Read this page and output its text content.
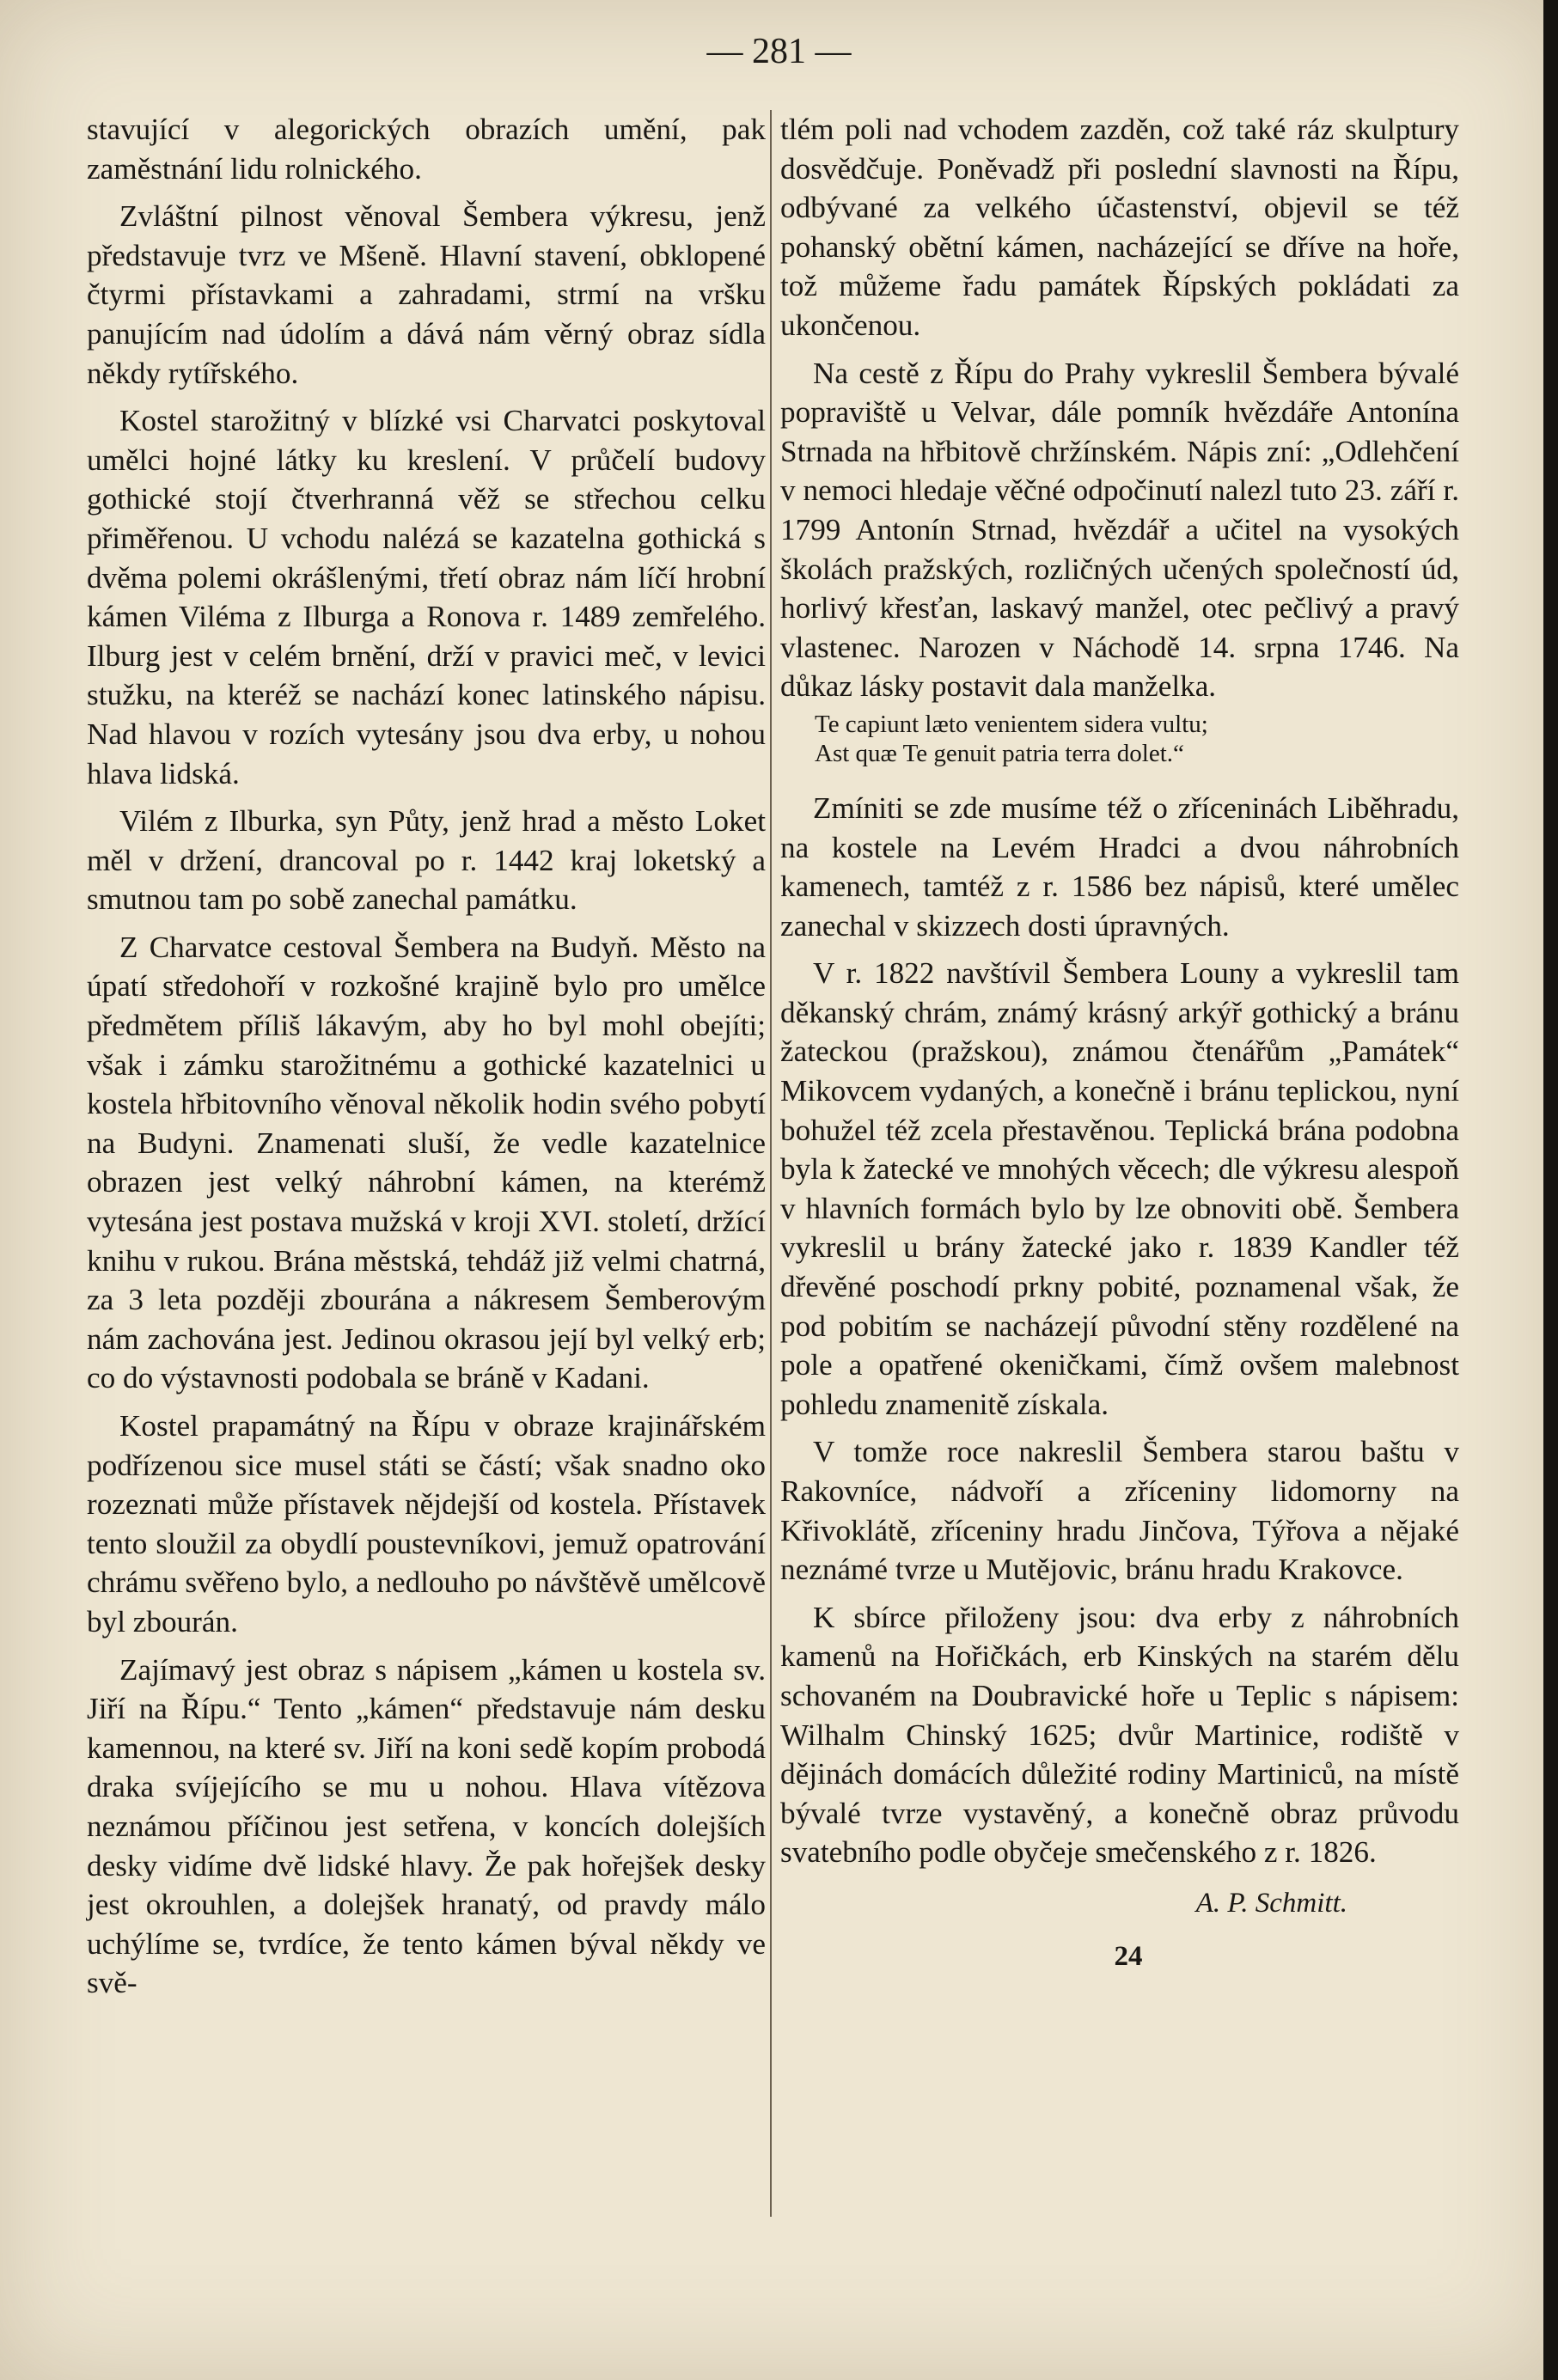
— 281 —

stavující v alegorických obrazích umění, pak zaměstnání lidu rolnického.

Zvláštní pilnost věnoval Šembera výkresu, jenž představuje tvrz ve Mšeně. Hlavní stavení, obklopené čtyrmi přístavkami a zahradami, strmí na vršku panujícím nad údolím a dává nám věrný obraz sídla někdy rytířského.

Kostel starožitný v blízké vsi Charvatci poskytoval umělci hojné látky ku kreslení. V průčelí budovy gothické stojí čtverhranná věž se střechou celku přiměřenou. U vchodu nalézá se kazatelna gothická s dvěma polemi okrášlenými, třetí obraz nám líčí hrobní kámen Viléma z Ilburga a Ronova r. 1489 zemřelého. Ilburg jest v celém brnění, drží v pravici meč, v levici stužku, na kteréž se nachází konec latinského nápisu. Nad hlavou v rozích vytesány jsou dva erby, u nohou hlava lidská.

Vilém z Ilburka, syn Půty, jenž hrad a město Loket měl v držení, drancoval po r. 1442 kraj loketský a smutnou tam po sobě zanechal památku.

Z Charvatce cestoval Šembera na Budyň. Město na úpatí středohoří v rozkošné krajině bylo pro umělce předmětem příliš lákavým, aby ho byl mohl obejíti; však i zámku starožitnému a gothické kazatelnici u kostela hřbitovního věnoval několik hodin svého pobytí na Budyni. Znamenati sluší, že vedle kazatelnice obrazen jest velký náhrobní kámen, na kterémž vytesána jest postava mužská v kroji XVI. století, držící knihu v rukou. Brána městská, tehdáž již velmi chatrná, za 3 leta později zbourána a nákresem Šemberovým nám zachována jest. Jedinou okrasou její byl velký erb; co do výstavnosti podobala se bráně v Kadani.

Kostel prapamátný na Řípu v obraze krajinářském podřízenou sice musel státi se částí; však snadno oko rozeznati může přístavek nějdejší od kostela. Přístavek tento sloužil za obydlí poustevníkovi, jemuž opatrování chrámu svěřeno bylo, a nedlouho po návštěvě umělcově byl zbourán.

Zajímavý jest obraz s nápisem „kámen u kostela sv. Jiří na Řípu.“ Tento „kámen“ představuje nám desku kamennou, na které sv. Jiří na koni sedě kopím probodá draka svíjejícího se mu u nohou. Hlava vítězova neznámou příčinou jest setřena, v koncích dolejších desky vidíme dvě lidské hlavy. Že pak hořejšek desky jest okrouhlen, a dolejšek hranatý, od pravdy málo uchýlíme se, tvrdíce, že tento kámen býval někdy ve svě-

tlém poli nad vchodem zazděn, což také ráz skulptury dosvědčuje. Poněvadž při poslední slavnosti na Řípu, odbývané za velkého účastenství, objevil se též pohanský obětní kámen, nacházející se dříve na hoře, tož můžeme řadu památek Řípských pokládati za ukončenou.

Na cestě z Řípu do Prahy vykreslil Šembera bývalé popraviště u Velvar, dále pomník hvězdáře Antonína Strnada na hřbitově chržínském. Nápis zní: „Odlehčení v nemoci hledaje věčné odpočinutí nalezl tuto 23. září r. 1799 Antonín Strnad, hvězdář a učitel na vysokých školách pražských, rozličných učených společností úd, horlivý křesťan, laskavý manžel, otec pečlivý a pravý vlastenec. Narozen v Náchodě 14. srpna 1746. Na důkaz lásky postavit dala manželka.

Te capiunt læto venientem sidera vultu;
Ast quæ Te genuit patria terra dolet.“

Zmíniti se zde musíme též o zříceninách Liběhradu, na kostele na Levém Hradci a dvou náhrobních kamenech, tamtéž z r. 1586 bez nápisů, které umělec zanechal v skizzech dosti úpravných.

V r. 1822 navštívil Šembera Louny a vykreslil tam děkanský chrám, známý krásný arkýř gothický a bránu žateckou (pražskou), známou čtenářům „Památek“ Mikovcem vydaných, a konečně i bránu teplickou, nyní bohužel též zcela přestavěnou. Teplická brána podobna byla k žatecké ve mnohých věcech; dle výkresu alespoň v hlavních formách bylo by lze obnoviti obě. Šembera vykreslil u brány žatecké jako r. 1839 Kandler též dřevěné poschodí prkny pobité, poznamenal však, že pod pobitím se nacházejí původní stěny rozdělené na pole a opatřené okeničkami, čímž ovšem malebnost pohledu znamenitě získala.

V tomže roce nakreslil Šembera starou baštu v Rakovníce, nádvoří a zříceniny lidomorny na Křivoklátě, zříceniny hradu Jinčova, Týřova a nějaké neznámé tvrze u Mutějovic, bránu hradu Krakovce.

K sbírce přiloženy jsou: dva erby z náhrobních kamenů na Hořičkách, erb Kinských na starém dělu schovaném na Doubravické hoře u Teplic s nápisem: Wilhalm Chinský 1625; dvůr Martinice, rodiště v dějinách domácích důležité rodiny Martiniců, na místě bývalé tvrze vystavěný, a konečně obraz průvodu svatebního podle obyčeje smečenského z r. 1826.

A. P. Schmitt.
24
